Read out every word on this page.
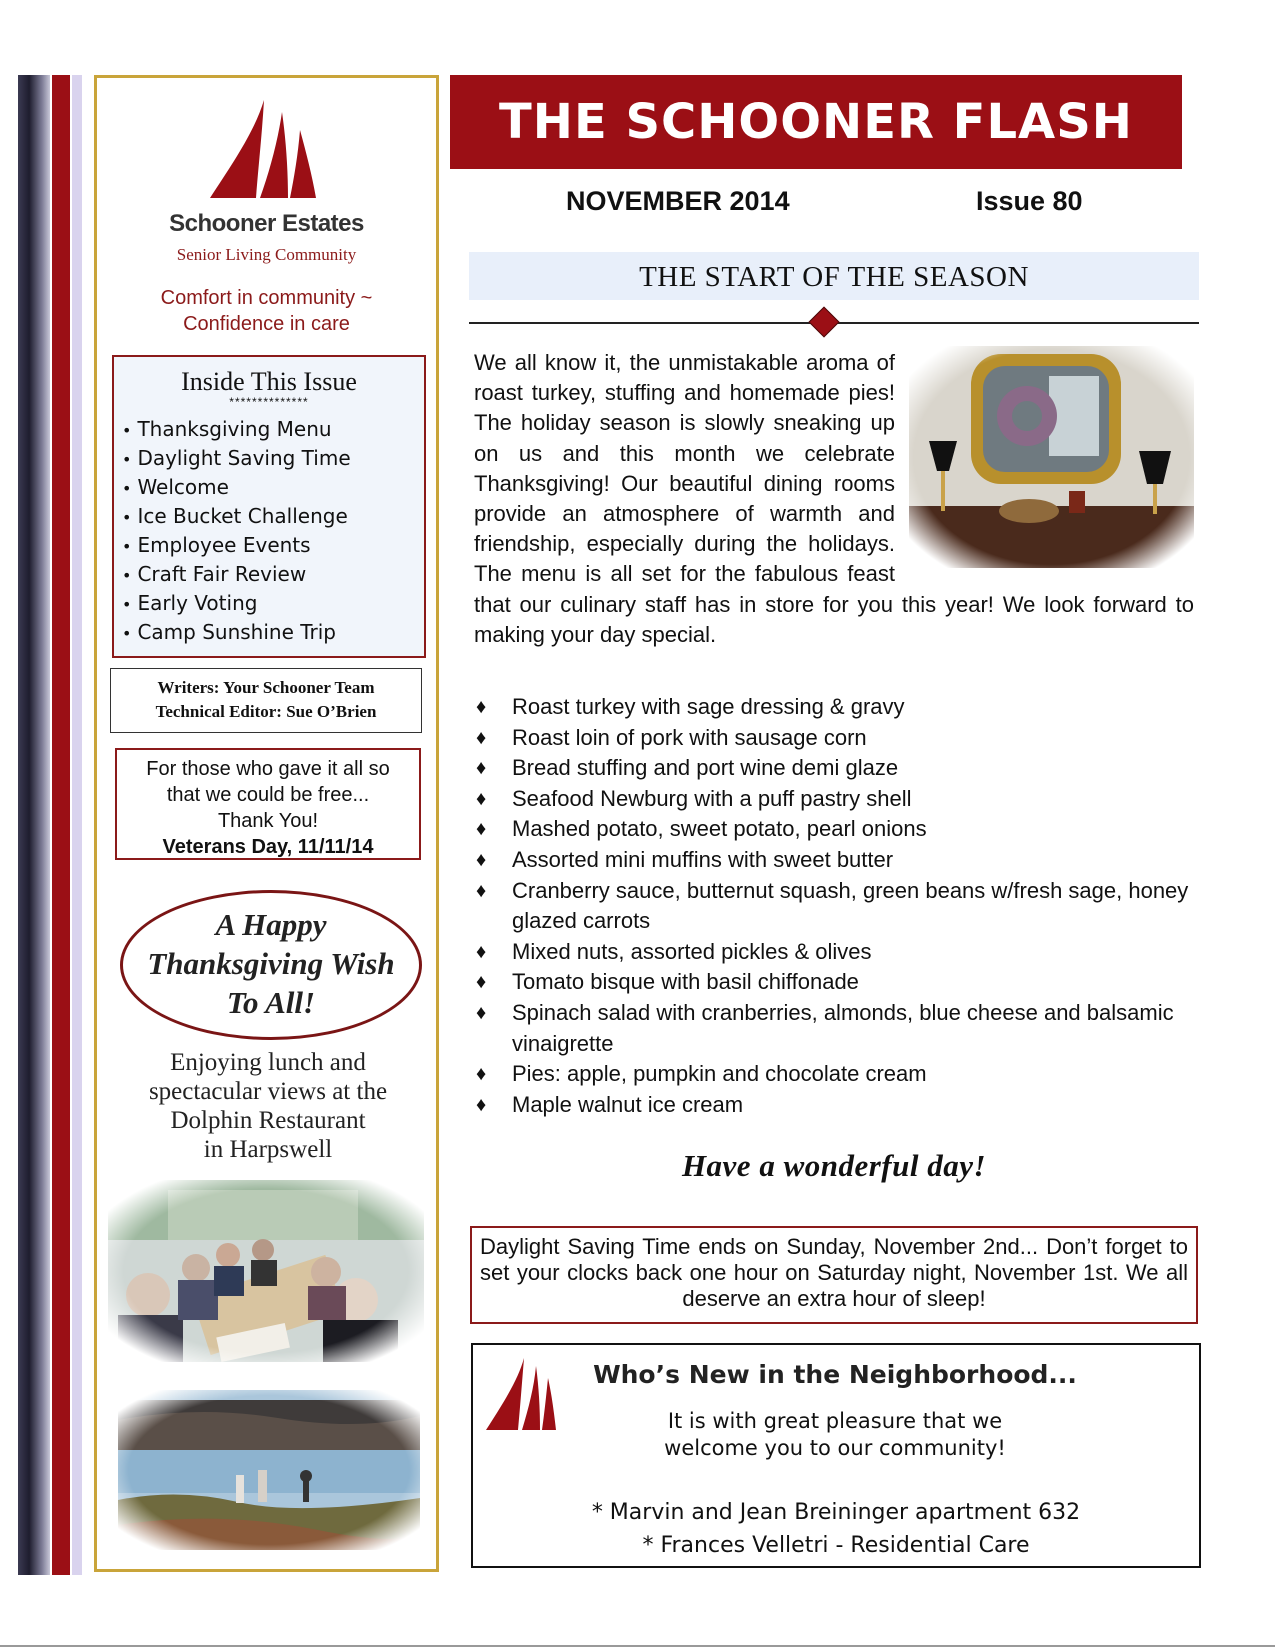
Schooner Estates
Senior Living Community
Comfort in community ~
Confidence in care
Inside This Issue
**************
• Thanksgiving Menu
• Daylight Saving Time
• Welcome
• Ice Bucket Challenge
• Employee Events
• Craft Fair Review
• Early Voting
• Camp Sunshine Trip
Writers: Your Schooner Team
Technical Editor: Sue O’Brien
For those who gave it all so
that we could be free...
Thank You!
Veterans Day, 11/11/14
A Happy
Thanksgiving Wish
To All!
Enjoying lunch and
spectacular views at the
Dolphin Restaurant
in Harpswell
THE SCHOONER FLASH
NOVEMBER 2014	Issue 80
THE START OF THE SEASON
We all know it, the unmistakable aroma of roast turkey, stuffing and homemade pies! The holiday season is slowly sneaking up on us and this month we celebrate Thanksgiving! Our beautiful dining rooms provide an atmosphere of warmth and friendship, especially during the holidays. The menu is all set for the fabulous feast that our culinary staff has in store for you this year! We look forward to making your day special.
♦ Roast turkey with sage dressing & gravy
♦ Roast loin of pork with sausage corn
♦ Bread stuffing and port wine demi glaze
♦ Seafood Newburg with a puff pastry shell
♦ Mashed potato, sweet potato, pearl onions
♦ Assorted mini muffins with sweet butter
♦ Cranberry sauce, butternut squash, green beans w/fresh sage, honey glazed carrots
♦ Mixed nuts, assorted pickles & olives
♦ Tomato bisque with basil chiffonade
♦ Spinach salad with cranberries, almonds, blue cheese and balsamic vinaigrette
♦ Pies: apple, pumpkin and chocolate cream
♦ Maple walnut ice cream
Have a wonderful day!
Daylight Saving Time ends on Sunday, November 2nd... Don’t forget to set your clocks back one hour on Saturday night, November 1st. We all deserve an extra hour of sleep!
Who’s New in the Neighborhood...
It is with great pleasure that we
welcome you to our community!
* Marvin and Jean Breininger apartment 632
* Frances Velletri - Residential Care
